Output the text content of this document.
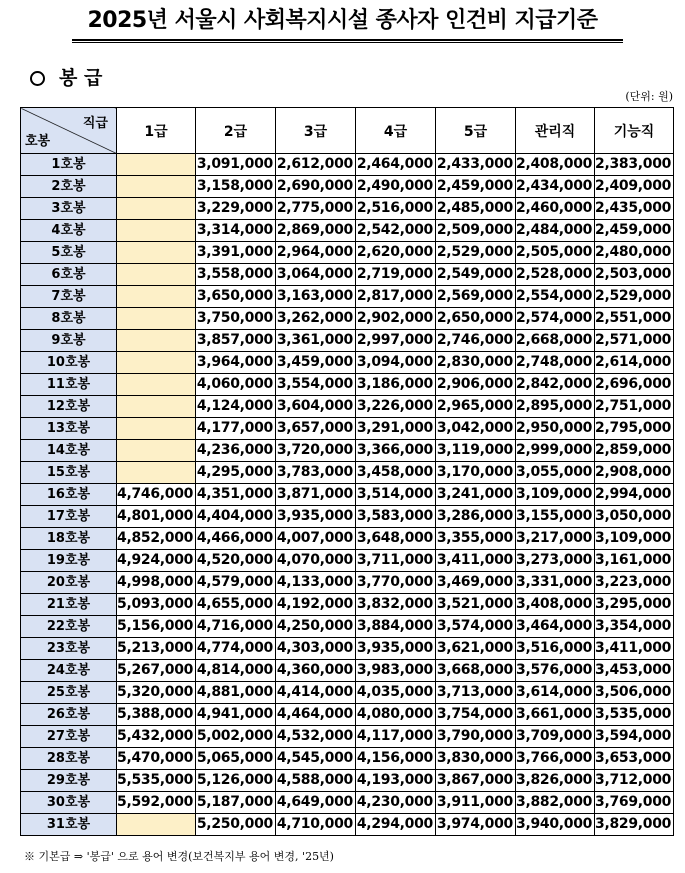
2025년 서울시 사회복지시설 종사자 인건비 지급기준
봉 급
(단위: 원)
직급
호봉	1급	2급	3급	4급	5급	관리직	기능직
1호봉		3,091,000	2,612,000	2,464,000	2,433,000	2,408,000	2,383,000
2호봉		3,158,000	2,690,000	2,490,000	2,459,000	2,434,000	2,409,000
3호봉		3,229,000	2,775,000	2,516,000	2,485,000	2,460,000	2,435,000
4호봉		3,314,000	2,869,000	2,542,000	2,509,000	2,484,000	2,459,000
5호봉		3,391,000	2,964,000	2,620,000	2,529,000	2,505,000	2,480,000
6호봉		3,558,000	3,064,000	2,719,000	2,549,000	2,528,000	2,503,000
7호봉		3,650,000	3,163,000	2,817,000	2,569,000	2,554,000	2,529,000
8호봉		3,750,000	3,262,000	2,902,000	2,650,000	2,574,000	2,551,000
9호봉		3,857,000	3,361,000	2,997,000	2,746,000	2,668,000	2,571,000
10호봉		3,964,000	3,459,000	3,094,000	2,830,000	2,748,000	2,614,000
11호봉		4,060,000	3,554,000	3,186,000	2,906,000	2,842,000	2,696,000
12호봉		4,124,000	3,604,000	3,226,000	2,965,000	2,895,000	2,751,000
13호봉		4,177,000	3,657,000	3,291,000	3,042,000	2,950,000	2,795,000
14호봉		4,236,000	3,720,000	3,366,000	3,119,000	2,999,000	2,859,000
15호봉		4,295,000	3,783,000	3,458,000	3,170,000	3,055,000	2,908,000
16호봉	4,746,000	4,351,000	3,871,000	3,514,000	3,241,000	3,109,000	2,994,000
17호봉	4,801,000	4,404,000	3,935,000	3,583,000	3,286,000	3,155,000	3,050,000
18호봉	4,852,000	4,466,000	4,007,000	3,648,000	3,355,000	3,217,000	3,109,000
19호봉	4,924,000	4,520,000	4,070,000	3,711,000	3,411,000	3,273,000	3,161,000
20호봉	4,998,000	4,579,000	4,133,000	3,770,000	3,469,000	3,331,000	3,223,000
21호봉	5,093,000	4,655,000	4,192,000	3,832,000	3,521,000	3,408,000	3,295,000
22호봉	5,156,000	4,716,000	4,250,000	3,884,000	3,574,000	3,464,000	3,354,000
23호봉	5,213,000	4,774,000	4,303,000	3,935,000	3,621,000	3,516,000	3,411,000
24호봉	5,267,000	4,814,000	4,360,000	3,983,000	3,668,000	3,576,000	3,453,000
25호봉	5,320,000	4,881,000	4,414,000	4,035,000	3,713,000	3,614,000	3,506,000
26호봉	5,388,000	4,941,000	4,464,000	4,080,000	3,754,000	3,661,000	3,535,000
27호봉	5,432,000	5,002,000	4,532,000	4,117,000	3,790,000	3,709,000	3,594,000
28호봉	5,470,000	5,065,000	4,545,000	4,156,000	3,830,000	3,766,000	3,653,000
29호봉	5,535,000	5,126,000	4,588,000	4,193,000	3,867,000	3,826,000	3,712,000
30호봉	5,592,000	5,187,000	4,649,000	4,230,000	3,911,000	3,882,000	3,769,000
31호봉		5,250,000	4,710,000	4,294,000	3,974,000	3,940,000	3,829,000
※ 기본급 ⇒ '봉급' 으로 용어 변경(보건복지부 용어 변경, '25년)
